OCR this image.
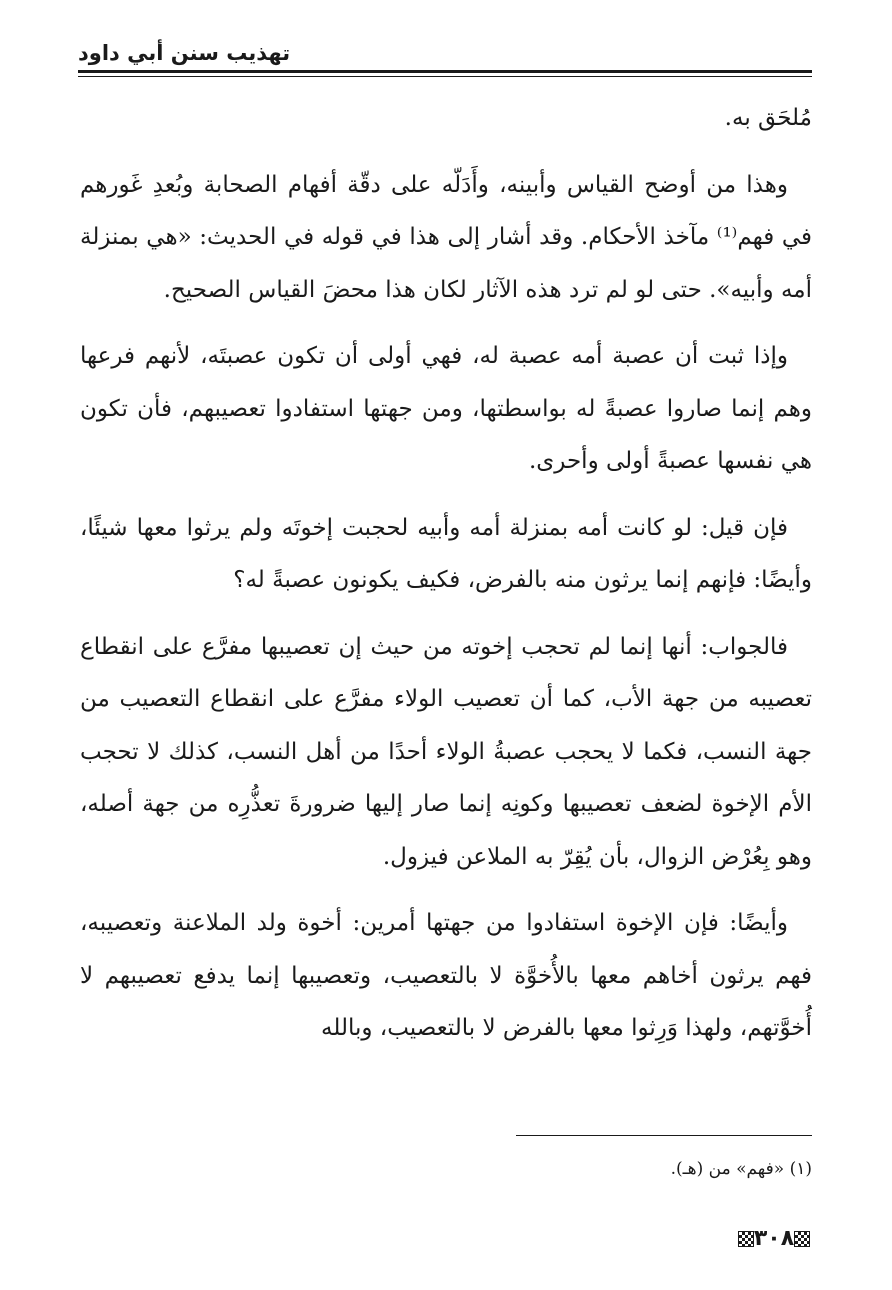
تهذيب سنن أبي داود

مُلحَق به.

وهذا من أوضح القياس وأبينه، وأَدَلّه على دقّة أفهام الصحابة وبُعدِ غَورهم في فهم⁽¹⁾ مآخذ الأحكام. وقد أشار إلى هذا في قوله في الحديث: «هي بمنزلة أمه وأبيه». حتى لو لم ترد هذه الآثار لكان هذا محضَ القياس الصحيح.

وإذا ثبت أن عصبة أمه عصبة له، فهي أولى أن تكون عصبتَه، لأنهم فرعها وهم إنما صاروا عصبةً له بواسطتها، ومن جهتها استفادوا تعصيبهم، فأن تكون هي نفسها عصبةً أولى وأحرى.

فإن قيل: لو كانت أمه بمنزلة أمه وأبيه لحجبت إخوتَه ولم يرثوا معها شيئًا، وأيضًا: فإنهم إنما يرثون منه بالفرض، فكيف يكونون عصبةً له؟

فالجواب: أنها إنما لم تحجب إخوته من حيث إن تعصيبها مفرَّع على انقطاع تعصيبه من جهة الأب، كما أن تعصيب الولاء مفرَّع على انقطاع التعصيب من جهة النسب، فكما لا يحجب عصبةُ الولاء أحدًا من أهل النسب، كذلك لا تحجب الأم الإخوة لضعف تعصيبها وكونِه إنما صار إليها ضرورةَ تعذُّرِه من جهة أصله، وهو بِعُرْض الزوال، بأن يُقِرّ به الملاعن فيزول.

وأيضًا: فإن الإخوة استفادوا من جهتها أمرين: أخوة ولد الملاعنة وتعصيبه، فهم يرثون أخاهم معها بالأُخوَّة لا بالتعصيب، وتعصيبها إنما يدفع تعصيبهم لا أُخوَّتهم، ولهذا وَرِثوا معها بالفرض لا بالتعصيب، وبالله

(١) «فهم» من (هـ).
٣٠٨
